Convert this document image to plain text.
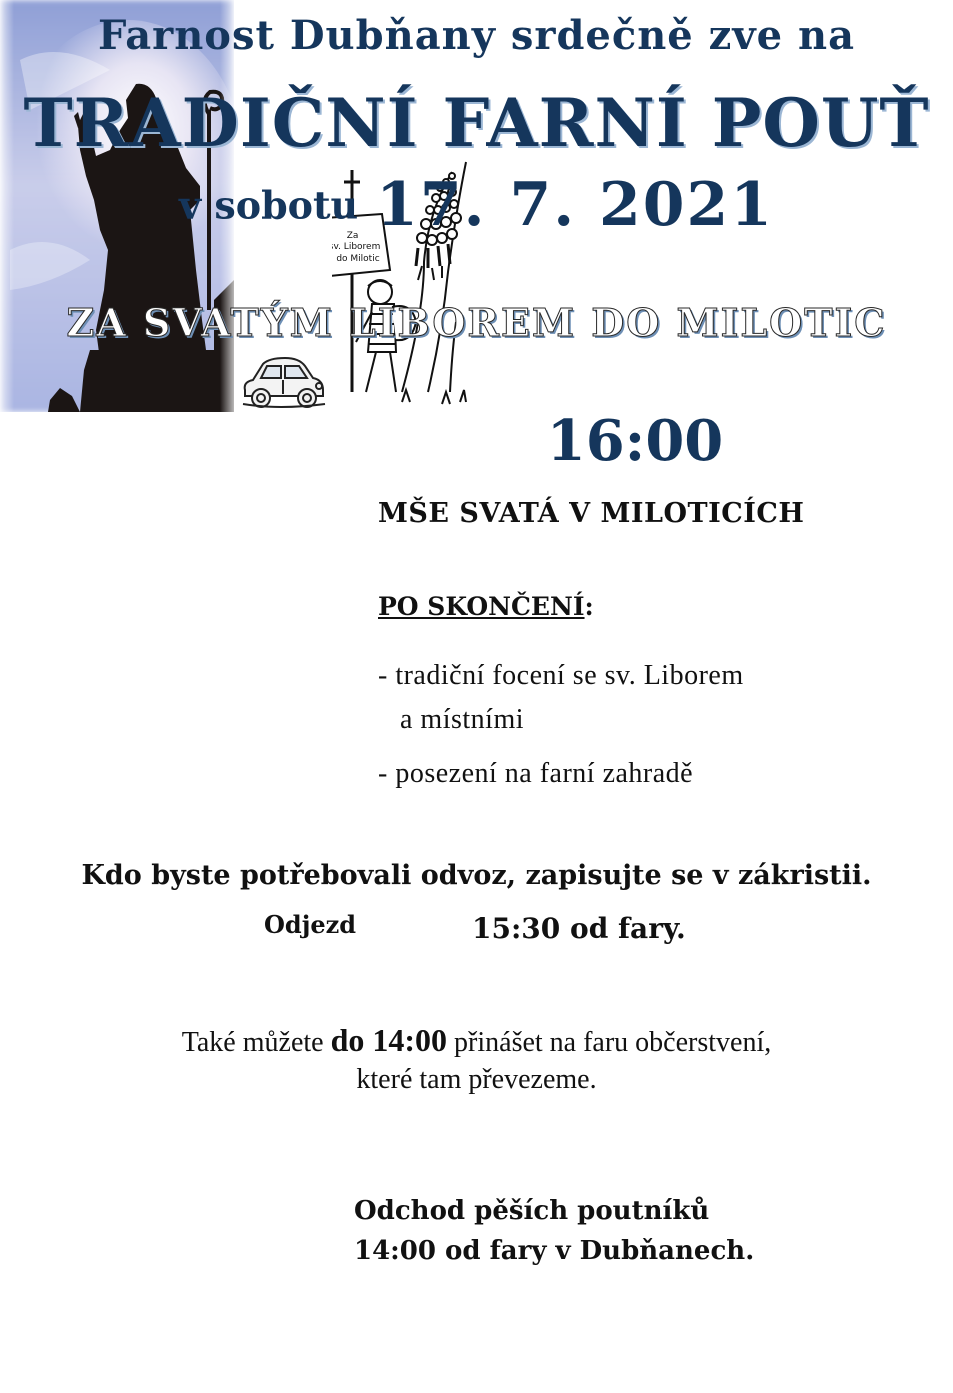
Farnost Dubňany srdečně zve na
TRADIČNÍ FARNÍ POUŤ
v sobotu 17. 7. 2021
ZA SVATÝM LIBOREM DO MILOTIC

16:00
MŠE SVATÁ V MILOTICÍCH
PO SKONČENÍ:
- tradiční focení se sv. Liborem
a místními
- posezení na farní zahradě
Kdo byste potřebovali odvoz, zapisujte se v zákristii.
Odjezd
	15:30 od fary.
Také můžete do 14:00 přinášet na faru občerstvení,
které tam převezeme.
Za sv. Liborem do Milotic
Odchod pěších poutníků
14:00 od fary v Dubňanech.
